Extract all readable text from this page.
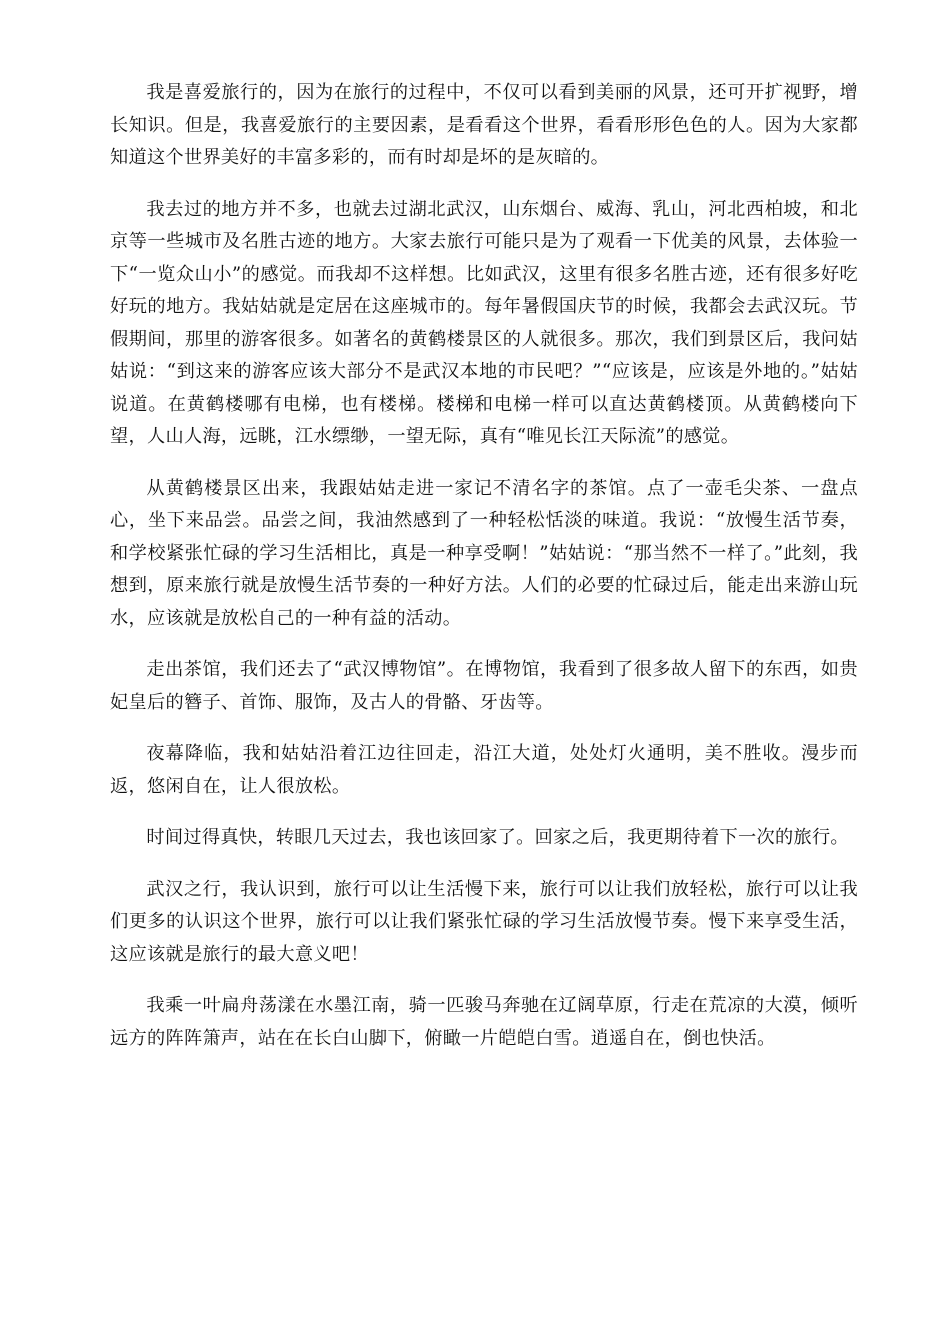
我是喜爱旅行的，因为在旅行的过程中，不仅可以看到美丽的风景，还可开扩视野，增长知识。但是，我喜爱旅行的主要因素，是看看这个世界，看看形形色色的人。因为大家都知道这个世界美好的丰富多彩的，而有时却是坏的是灰暗的。

我去过的地方并不多，也就去过湖北武汉，山东烟台、威海、乳山，河北西柏坡，和北京等一些城市及名胜古迹的地方。大家去旅行可能只是为了观看一下优美的风景，去体验一下“一览众山小”的感觉。而我却不这样想。比如武汉，这里有很多名胜古迹，还有很多好吃好玩的地方。我姑姑就是定居在这座城市的。每年暑假国庆节的时候，我都会去武汉玩。节假期间，那里的游客很多。如著名的黄鹤楼景区的人就很多。那次，我们到景区后，我问姑姑说：“到这来的游客应该大部分不是武汉本地的市民吧？”“应该是，应该是外地的。”姑姑说道。在黄鹤楼哪有电梯，也有楼梯。楼梯和电梯一样可以直达黄鹤楼顶。从黄鹤楼向下望，人山人海，远眺，江水缥缈，一望无际，真有“唯见长江天际流”的感觉。

从黄鹤楼景区出来，我跟姑姑走进一家记不清名字的茶馆。点了一壶毛尖茶、一盘点心，坐下来品尝。品尝之间，我油然感到了一种轻松恬淡的味道。我说：“放慢生活节奏，和学校紧张忙碌的学习生活相比，真是一种享受啊！”姑姑说：“那当然不一样了。”此刻，我想到，原来旅行就是放慢生活节奏的一种好方法。人们的必要的忙碌过后，能走出来游山玩水，应该就是放松自己的一种有益的活动。

走出茶馆，我们还去了“武汉博物馆”。在博物馆，我看到了很多故人留下的东西，如贵妃皇后的簪子、首饰、服饰，及古人的骨骼、牙齿等。

夜幕降临，我和姑姑沿着江边往回走，沿江大道，处处灯火通明，美不胜收。漫步而返，悠闲自在，让人很放松。

时间过得真快，转眼几天过去，我也该回家了。回家之后，我更期待着下一次的旅行。

武汉之行，我认识到，旅行可以让生活慢下来，旅行可以让我们放轻松，旅行可以让我们更多的认识这个世界，旅行可以让我们紧张忙碌的学习生活放慢节奏。慢下来享受生活，这应该就是旅行的最大意义吧！

我乘一叶扁舟荡漾在水墨江南，骑一匹骏马奔驰在辽阔草原，行走在荒凉的大漠，倾听远方的阵阵箫声，站在在长白山脚下，俯瞰一片皑皑白雪。逍遥自在，倒也快活。
